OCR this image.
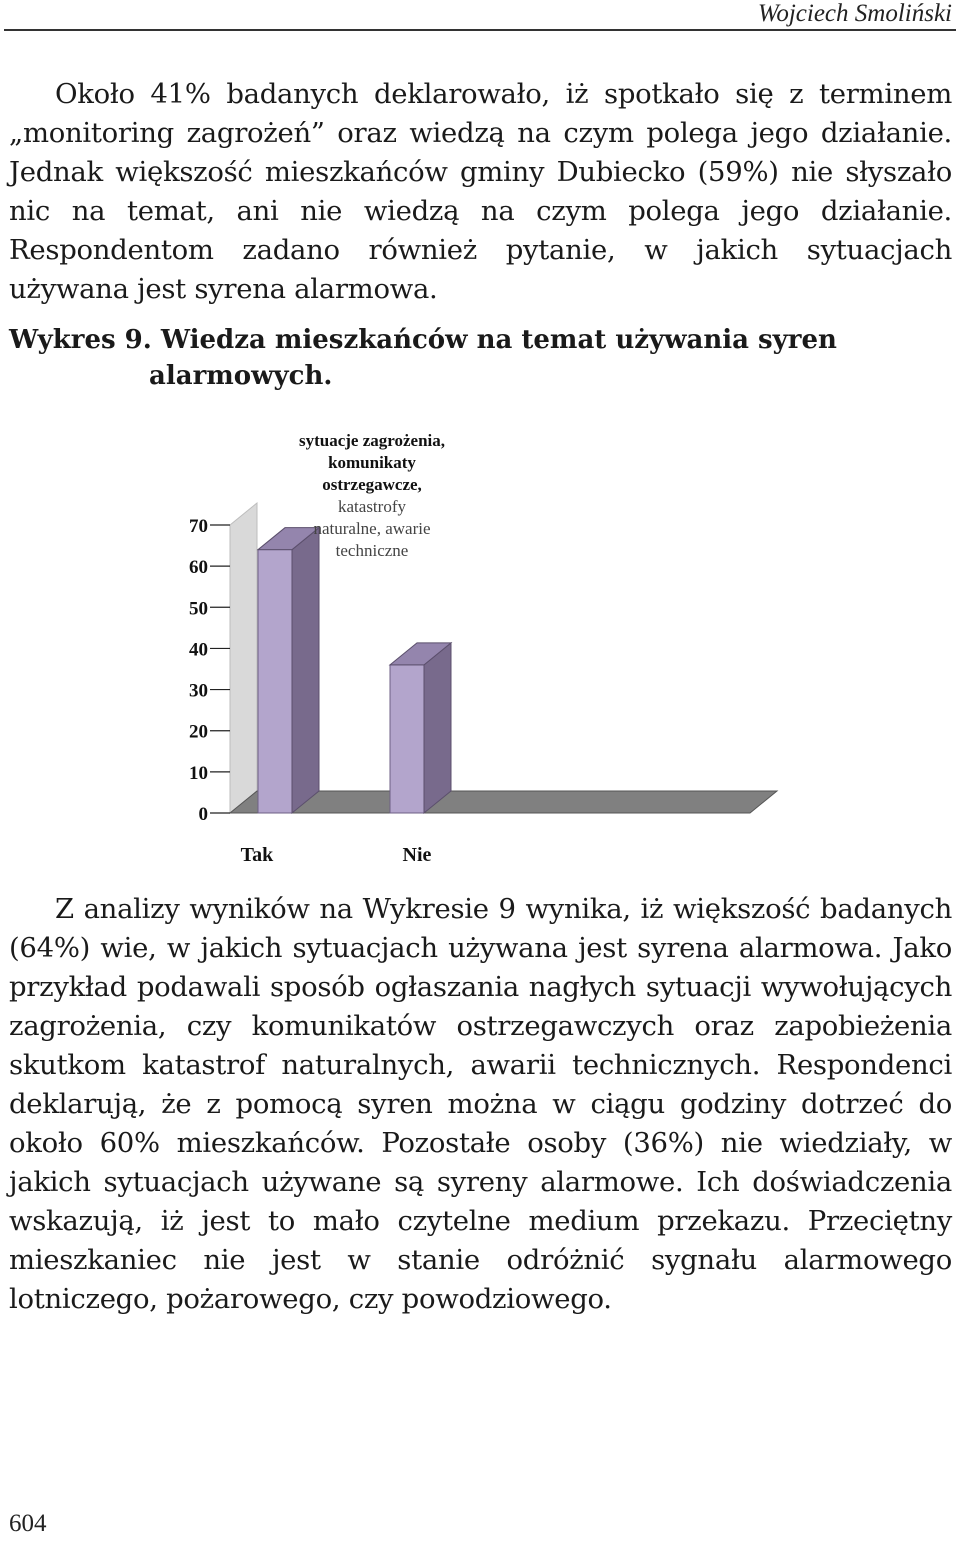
Wojciech Smoliński

Około 41% badanych deklarowało, iż spotkało się z terminem „monitoring zagrożeń” oraz wiedzą na czym polega jego działanie. Jednak większość mieszkańców gminy Dubiecko (59%) nie słyszało nic na temat, ani nie wiedzą na czym polega jego działanie. Respondentom zadano również pytanie, w jakich sytuacjach używana jest syrena alarmowa.

Wykres 9. Wiedza mieszkańców na temat używania syren
alarmowych.
0
10
20
30
40
50
60
70
Tak	Nie
sytuacje zagrożenia,
komunikaty
ostrzegawcze,
katastrofy
naturalne, awarie
techniczne

Z analizy wyników na Wykresie 9 wynika, iż większość badanych (64%) wie, w jakich sytuacjach używana jest syrena alarmowa. Jako przykład podawali sposób ogłaszania nagłych sytuacji wywołujących zagrożenia, czy komunikatów ostrzegawczych oraz zapobieżenia skutkom katastrof naturalnych, awarii technicznych. Respondenci deklarują, że z pomocą syren można w ciągu godziny dotrzeć do około 60% mieszkańców. Pozostałe osoby (36%) nie wiedziały, w jakich sytuacjach używane są syreny alarmowe. Ich doświadczenia wskazują, iż jest to mało czytelne medium przekazu. Przeciętny mieszkaniec nie jest w stanie odróżnić sygnału alarmowego lotniczego, pożarowego, czy powodziowego.

604
